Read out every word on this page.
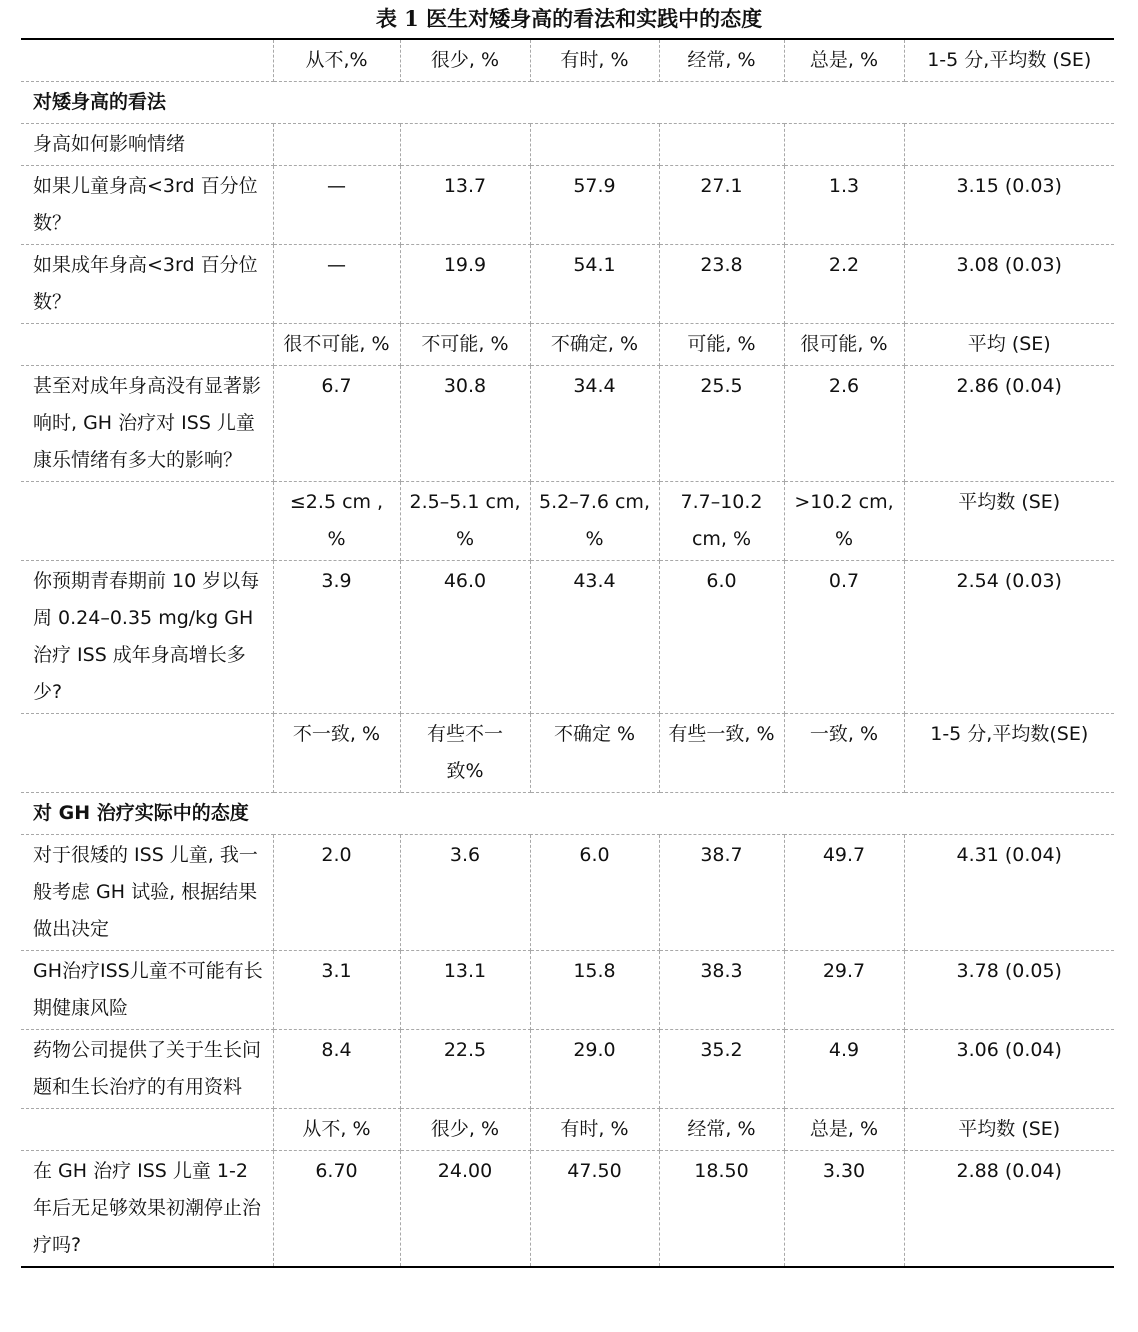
表 1 医生对矮身高的看法和实践中的态度
	从不,%	很少, %	有时, %	经常, %	总是, %	1-5 分,平均数 (SE)
对矮身高的看法						
身高如何影响情绪						
如果儿童身高<3rd 百分位数？	—	13.7	57.9	27.1	1.3	3.15 (0.03)
如果成年身高<3rd 百分位数？	—	19.9	54.1	23.8	2.2	3.08 (0.03)
	很不可能, %	不可能, %	不确定, %	可能, %	很可能, %	平均 (SE)
甚至对成年身高没有显著影响时, GH 治疗对 ISS 儿童康乐情绪有多大的影响？	6.7	30.8	34.4	25.5	2.6	2.86 (0.04)
	≤2.5 cm , %	2.5–5.1 cm, %	5.2–7.6 cm, %	7.7–10.2 cm, %	>10.2 cm, %	平均数 (SE)
你预期青春期前 10 岁以每周 0.24–0.35 mg/kg GH 治疗 ISS 成年身高增长多少?	3.9	46.0	43.4	6.0	0.7	2.54 (0.03)
	不一致, %	有些不一致%	不确定 %	有些一致, %	一致, %	1-5 分,平均数(SE)
对 GH 治疗实际中的态度						
对于很矮的 ISS 儿童, 我一般考虑 GH 试验, 根据结果做出决定	2.0	3.6	6.0	38.7	49.7	4.31 (0.04)
GH治疗ISS儿童不可能有长期健康风险	3.1	13.1	15.8	38.3	29.7	3.78 (0.05)
药物公司提供了关于生长问题和生长治疗的有用资料	8.4	22.5	29.0	35.2	4.9	3.06 (0.04)
	从不, %	很少, %	有时, %	经常, %	总是, %	平均数 (SE)
在 GH 治疗 ISS 儿童 1-2 年后无足够效果初潮停止治疗吗?	6.70	24.00	47.50	18.50	3.30	2.88 (0.04)
